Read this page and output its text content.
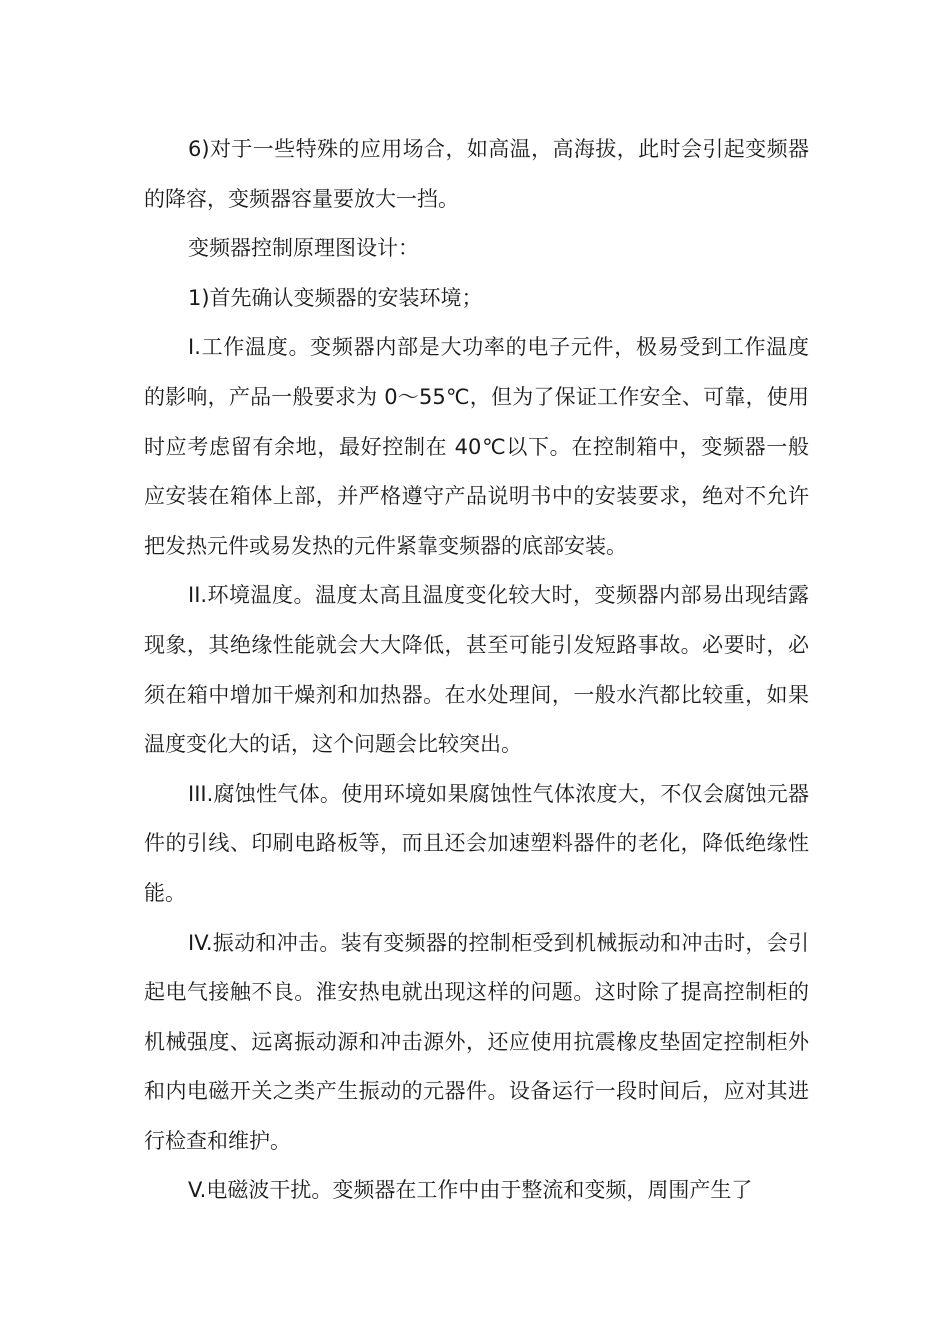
6)对于一些特殊的应用场合，如高温，高海拔，此时会引起变频器的降容，变频器容量要放大一挡。

变频器控制原理图设计：

1)首先确认变频器的安装环境；

I.工作温度。变频器内部是大功率的电子元件，极易受到工作温度的影响，产品一般要求为 0～55℃，但为了保证工作安全、可靠，使用时应考虑留有余地，最好控制在 40℃以下。在控制箱中，变频器一般应安装在箱体上部，并严格遵守产品说明书中的安装要求，绝对不允许把发热元件或易发热的元件紧靠变频器的底部安装。

II.环境温度。温度太高且温度变化较大时，变频器内部易出现结露现象，其绝缘性能就会大大降低，甚至可能引发短路事故。必要时，必须在箱中增加干燥剂和加热器。在水处理间，一般水汽都比较重，如果温度变化大的话，这个问题会比较突出。

III.腐蚀性气体。使用环境如果腐蚀性气体浓度大，不仅会腐蚀元器件的引线、印刷电路板等，而且还会加速塑料器件的老化，降低绝缘性能。

IV.振动和冲击。装有变频器的控制柜受到机械振动和冲击时，会引起电气接触不良。淮安热电就出现这样的问题。这时除了提高控制柜的机械强度、远离振动源和冲击源外，还应使用抗震橡皮垫固定控制柜外和内电磁开关之类产生振动的元器件。设备运行一段时间后，应对其进行检查和维护。

V.电磁波干扰。变频器在工作中由于整流和变频，周围产生了
